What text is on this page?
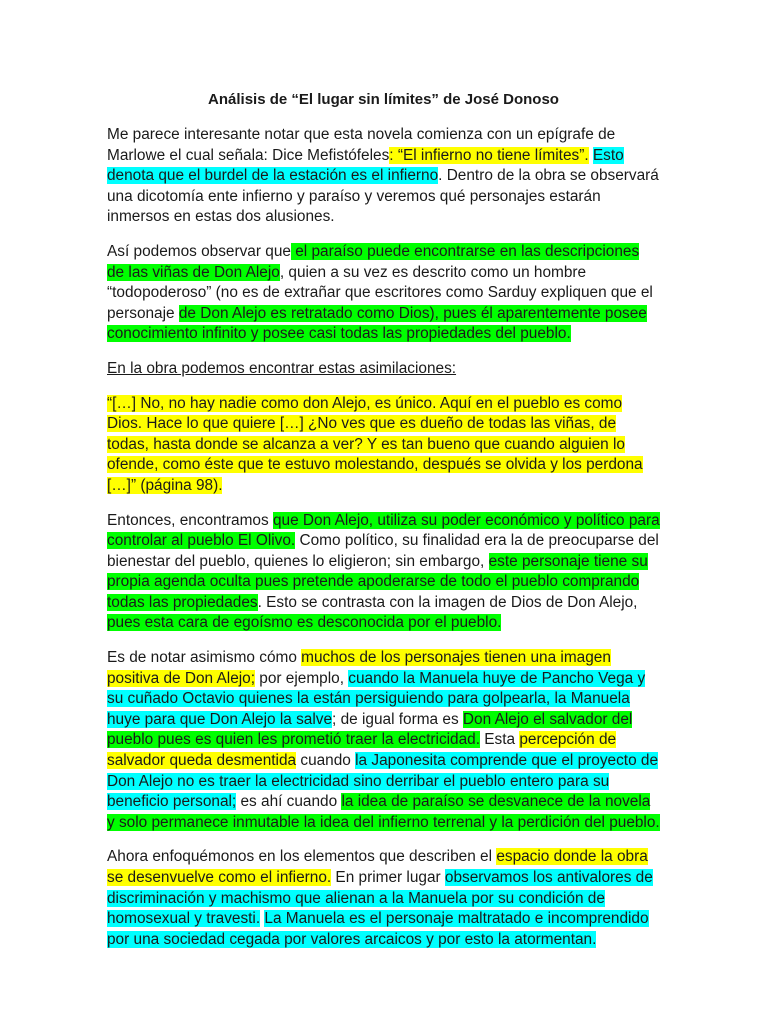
Análisis de “El lugar sin límites” de José Donoso

Me parece interesante notar que esta novela comienza con un epígrafe de Marlowe el cual señala: Dice Mefistófeles: “El infierno no tiene límites”. Esto denota que el burdel de la estación es el infierno. Dentro de la obra se observará una dicotomía ente infierno y paraíso y veremos qué personajes estarán inmersos en estas dos alusiones.

Así podemos observar que el paraíso puede encontrarse en las descripciones de las viñas de Don Alejo, quien a su vez es descrito como un hombre “todopoderoso” (no es de extrañar que escritores como Sarduy expliquen que el personaje de Don Alejo es retratado como Dios), pues él aparentemente posee conocimiento infinito y posee casi todas las propiedades del pueblo.

En la obra podemos encontrar estas asimilaciones:

“[…] No, no hay nadie como don Alejo, es único. Aquí en el pueblo es como Dios. Hace lo que quiere […] ¿No ves que es dueño de todas las viñas, de todas, hasta donde se alcanza a ver? Y es tan bueno que cuando alguien lo ofende, como éste que te estuvo molestando, después se olvida y los perdona […]” (página 98).

Entonces, encontramos que Don Alejo, utiliza su poder económico y político para controlar al pueblo El Olivo. Como político, su finalidad era la de preocuparse del bienestar del pueblo, quienes lo eligieron; sin embargo, este personaje tiene su propia agenda oculta pues pretende apoderarse de todo el pueblo comprando todas las propiedades. Esto se contrasta con la imagen de Dios de Don Alejo, pues esta cara de egoísmo es desconocida por el pueblo.

Es de notar asimismo cómo muchos de los personajes tienen una imagen positiva de Don Alejo; por ejemplo, cuando la Manuela huye de Pancho Vega y su cuñado Octavio quienes la están persiguiendo para golpearla, la Manuela huye para que Don Alejo la salve; de igual forma es Don Alejo el salvador del pueblo pues es quien les prometió traer la electricidad. Esta percepción de salvador queda desmentida cuando la Japonesita comprende que el proyecto de Don Alejo no es traer la electricidad sino derribar el pueblo entero para su beneficio personal; es ahí cuando la idea de paraíso se desvanece de la novela y solo permanece inmutable la idea del infierno terrenal y la perdición del pueblo.

Ahora enfoquémonos en los elementos que describen el espacio donde la obra se desenvuelve como el infierno. En primer lugar observamos los antivalores de discriminación y machismo que alienan a la Manuela por su condición de homosexual y travesti. La Manuela es el personaje maltratado e incomprendido por una sociedad cegada por valores arcaicos y por esto la atormentan.
